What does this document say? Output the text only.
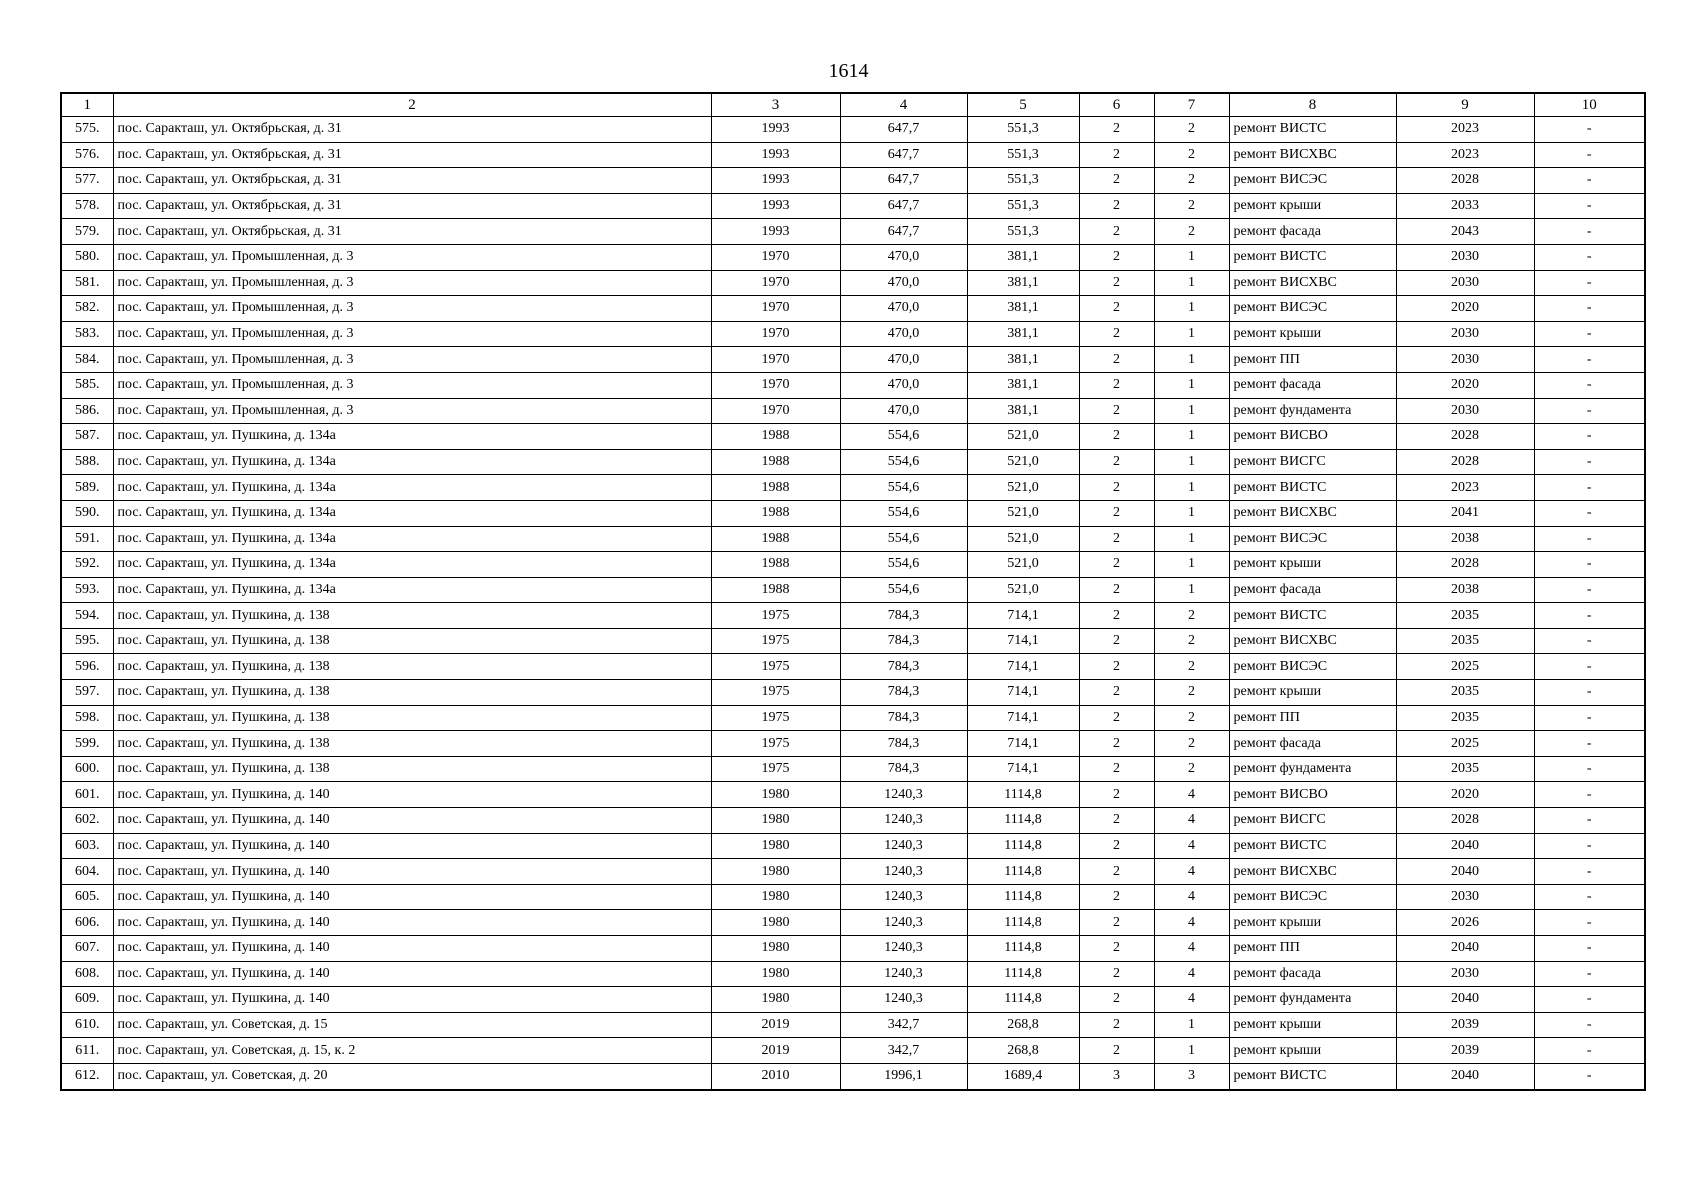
1614
1	2	3	4	5	6	7	8	9	10
575.	пос. Саракташ, ул. Октябрьская, д. 31	1993	647,7	551,3	2	2	ремонт ВИСТС	2023	-
576.	пос. Саракташ, ул. Октябрьская, д. 31	1993	647,7	551,3	2	2	ремонт ВИСХВС	2023	-
577.	пос. Саракташ, ул. Октябрьская, д. 31	1993	647,7	551,3	2	2	ремонт ВИСЭС	2028	-
578.	пос. Саракташ, ул. Октябрьская, д. 31	1993	647,7	551,3	2	2	ремонт крыши	2033	-
579.	пос. Саракташ, ул. Октябрьская, д. 31	1993	647,7	551,3	2	2	ремонт фасада	2043	-
580.	пос. Саракташ, ул. Промышленная, д. 3	1970	470,0	381,1	2	1	ремонт ВИСТС	2030	-
581.	пос. Саракташ, ул. Промышленная, д. 3	1970	470,0	381,1	2	1	ремонт ВИСХВС	2030	-
582.	пос. Саракташ, ул. Промышленная, д. 3	1970	470,0	381,1	2	1	ремонт ВИСЭС	2020	-
583.	пос. Саракташ, ул. Промышленная, д. 3	1970	470,0	381,1	2	1	ремонт крыши	2030	-
584.	пос. Саракташ, ул. Промышленная, д. 3	1970	470,0	381,1	2	1	ремонт ПП	2030	-
585.	пос. Саракташ, ул. Промышленная, д. 3	1970	470,0	381,1	2	1	ремонт фасада	2020	-
586.	пос. Саракташ, ул. Промышленная, д. 3	1970	470,0	381,1	2	1	ремонт фундамента	2030	-
587.	пос. Саракташ, ул. Пушкина, д. 134а	1988	554,6	521,0	2	1	ремонт ВИСВО	2028	-
588.	пос. Саракташ, ул. Пушкина, д. 134а	1988	554,6	521,0	2	1	ремонт ВИСГС	2028	-
589.	пос. Саракташ, ул. Пушкина, д. 134а	1988	554,6	521,0	2	1	ремонт ВИСТС	2023	-
590.	пос. Саракташ, ул. Пушкина, д. 134а	1988	554,6	521,0	2	1	ремонт ВИСХВС	2041	-
591.	пос. Саракташ, ул. Пушкина, д. 134а	1988	554,6	521,0	2	1	ремонт ВИСЭС	2038	-
592.	пос. Саракташ, ул. Пушкина, д. 134а	1988	554,6	521,0	2	1	ремонт крыши	2028	-
593.	пос. Саракташ, ул. Пушкина, д. 134а	1988	554,6	521,0	2	1	ремонт фасада	2038	-
594.	пос. Саракташ, ул. Пушкина, д. 138	1975	784,3	714,1	2	2	ремонт ВИСТС	2035	-
595.	пос. Саракташ, ул. Пушкина, д. 138	1975	784,3	714,1	2	2	ремонт ВИСХВС	2035	-
596.	пос. Саракташ, ул. Пушкина, д. 138	1975	784,3	714,1	2	2	ремонт ВИСЭС	2025	-
597.	пос. Саракташ, ул. Пушкина, д. 138	1975	784,3	714,1	2	2	ремонт крыши	2035	-
598.	пос. Саракташ, ул. Пушкина, д. 138	1975	784,3	714,1	2	2	ремонт ПП	2035	-
599.	пос. Саракташ, ул. Пушкина, д. 138	1975	784,3	714,1	2	2	ремонт фасада	2025	-
600.	пос. Саракташ, ул. Пушкина, д. 138	1975	784,3	714,1	2	2	ремонт фундамента	2035	-
601.	пос. Саракташ, ул. Пушкина, д. 140	1980	1240,3	1114,8	2	4	ремонт ВИСВО	2020	-
602.	пос. Саракташ, ул. Пушкина, д. 140	1980	1240,3	1114,8	2	4	ремонт ВИСГС	2028	-
603.	пос. Саракташ, ул. Пушкина, д. 140	1980	1240,3	1114,8	2	4	ремонт ВИСТС	2040	-
604.	пос. Саракташ, ул. Пушкина, д. 140	1980	1240,3	1114,8	2	4	ремонт ВИСХВС	2040	-
605.	пос. Саракташ, ул. Пушкина, д. 140	1980	1240,3	1114,8	2	4	ремонт ВИСЭС	2030	-
606.	пос. Саракташ, ул. Пушкина, д. 140	1980	1240,3	1114,8	2	4	ремонт крыши	2026	-
607.	пос. Саракташ, ул. Пушкина, д. 140	1980	1240,3	1114,8	2	4	ремонт ПП	2040	-
608.	пос. Саракташ, ул. Пушкина, д. 140	1980	1240,3	1114,8	2	4	ремонт фасада	2030	-
609.	пос. Саракташ, ул. Пушкина, д. 140	1980	1240,3	1114,8	2	4	ремонт фундамента	2040	-
610.	пос. Саракташ, ул. Советская, д. 15	2019	342,7	268,8	2	1	ремонт крыши	2039	-
611.	пос. Саракташ, ул. Советская, д. 15, к. 2	2019	342,7	268,8	2	1	ремонт крыши	2039	-
612.	пос. Саракташ, ул. Советская, д. 20	2010	1996,1	1689,4	3	3	ремонт ВИСТС	2040	-
